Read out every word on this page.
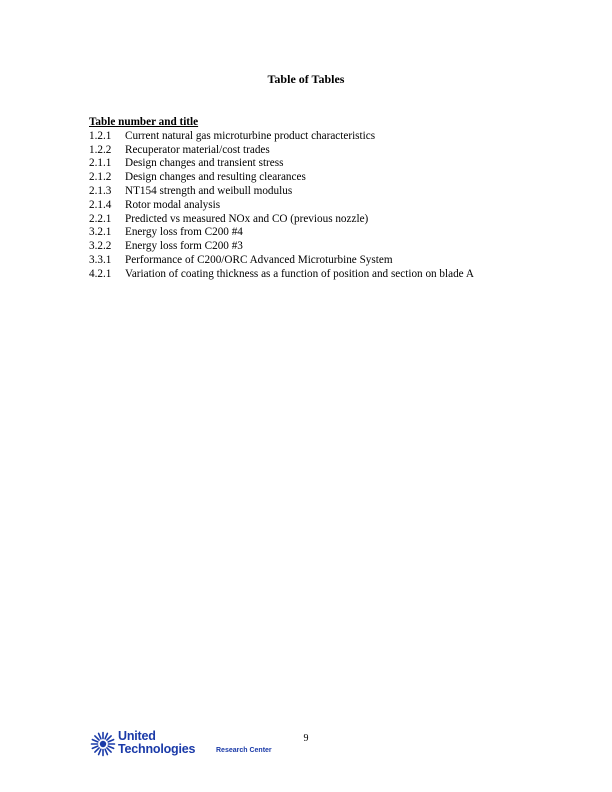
Table of Tables
Table number and title
1.2.1	Current natural gas microturbine product characteristics
1.2.2	Recuperator material/cost trades
2.1.1	Design changes and transient stress
2.1.2	Design changes and resulting clearances
2.1.3	NT154 strength and weibull modulus
2.1.4	Rotor modal analysis
2.2.1	Predicted vs measured NOx and CO (previous nozzle)
3.2.1	Energy loss from C200 #4
3.2.2	Energy loss form C200 #3
3.3.1	Performance of C200/ORC Advanced Microturbine System
4.2.1	Variation of coating thickness as a function of position and section on blade A
9
United
Technologies	Research Center
